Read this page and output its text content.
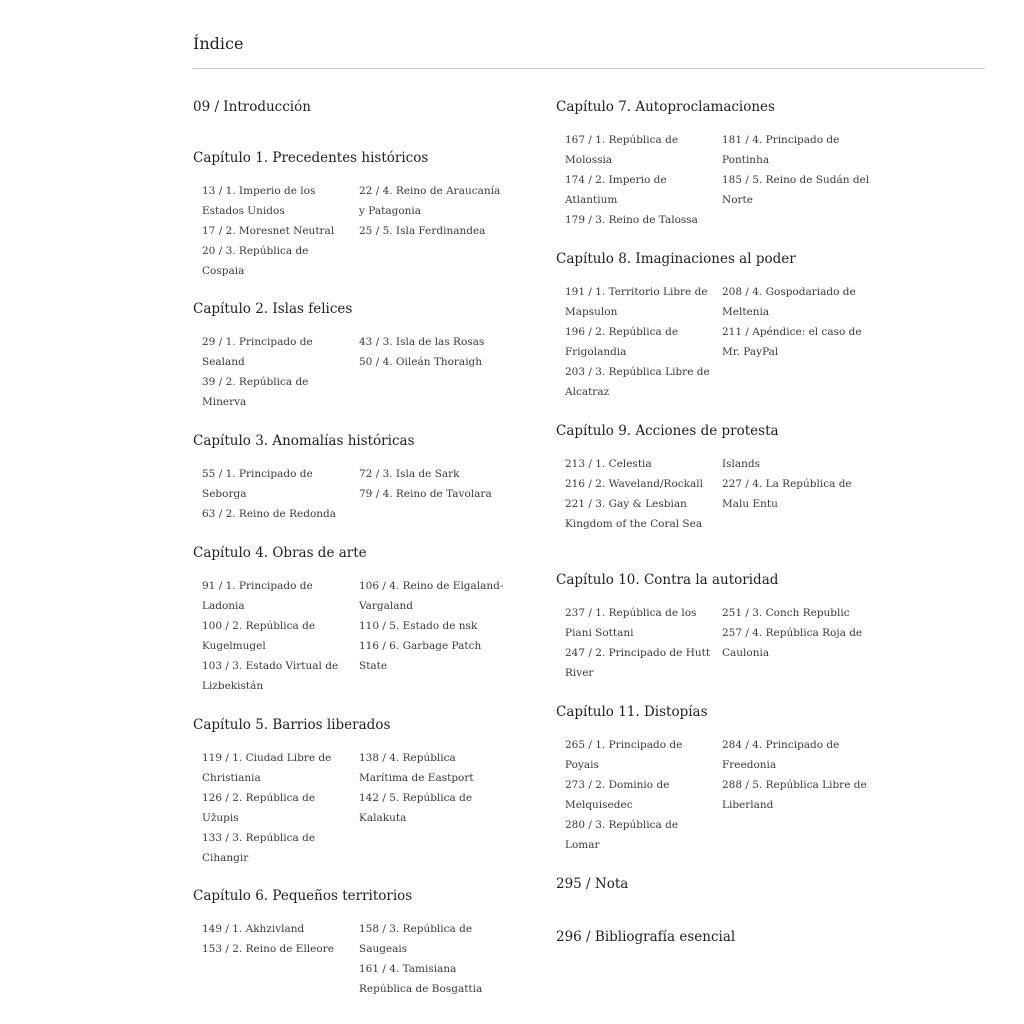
Índice
09 / Introducción
Capítulo 1. Precedentes históricos
13 / 1. Imperio de los
Estados Unidos
17 / 2. Moresnet Neutral
20 / 3. República de
Cospaia
22 / 4. Reino de Araucanía
y Patagonia
25 / 5. Isla Ferdinandea
Capítulo 2. Islas felices
29 / 1. Principado de
Sealand
39 / 2. República de
Minerva
43 / 3. Isla de las Rosas
50 / 4. Oileán Thoraigh
Capítulo 3. Anomalías históricas
55 / 1. Principado de
Seborga
63 / 2. Reino de Redonda
72 / 3. Isla de Sark
79 / 4. Reino de Tavolara
Capítulo 4. Obras de arte
91 / 1. Principado de
Ladonia
100 / 2. República de
Kugelmugel
103 / 3. Estado Virtual de
Lizbekistán
106 / 4. Reino de Elgaland-
Vargaland
110 / 5. Estado de nsk
116 / 6. Garbage Patch
State
Capítulo 5. Barrios liberados
119 / 1. Ciudad Libre de
Christiania
126 / 2. República de
Užupis
133 / 3. República de
Cihangir
138 / 4. República
Marítima de Eastport
142 / 5. República de
Kalakuta
Capítulo 6. Pequeños territorios
149 / 1. Akhzivland
153 / 2. Reino de Elleore
158 / 3. República de
Saugeais
161 / 4. Tamisiana
República de Bosgattia
Capítulo 7. Autoproclamaciones
167 / 1. República de
Molossia
174 / 2. Imperio de
Atlantium
179 / 3. Reino de Talossa
181 / 4. Principado de
Pontinha
185 / 5. Reino de Sudán del
Norte
Capítulo 8. Imaginaciones al poder
191 / 1. Territorio Libre de
Mapsulon
196 / 2. República de
Frigolandia
203 / 3. República Libre de
Alcatraz
208 / 4. Gospodariado de
Meltenia
211 / Apéndice: el caso de
Mr. PayPal
Capítulo 9. Acciones de protesta
213 / 1. Celestia
216 / 2. Waveland/Rockall
221 / 3. Gay & Lesbian
Kingdom of the Coral Sea
Islands
227 / 4. La República de
Malu Entu
Capítulo 10. Contra la autoridad
237 / 1. República de los
Piani Sottani
247 / 2. Principado de Hutt
River
251 / 3. Conch Republic
257 / 4. República Roja de
Caulonia
Capítulo 11. Distopías
265 / 1. Principado de
Poyais
273 / 2. Dominio de
Melquisedec
280 / 3. República de
Lomar
284 / 4. Principado de
Freedonia
288 / 5. República Libre de
Liberland
295 / Nota
296 / Bibliografía esencial
